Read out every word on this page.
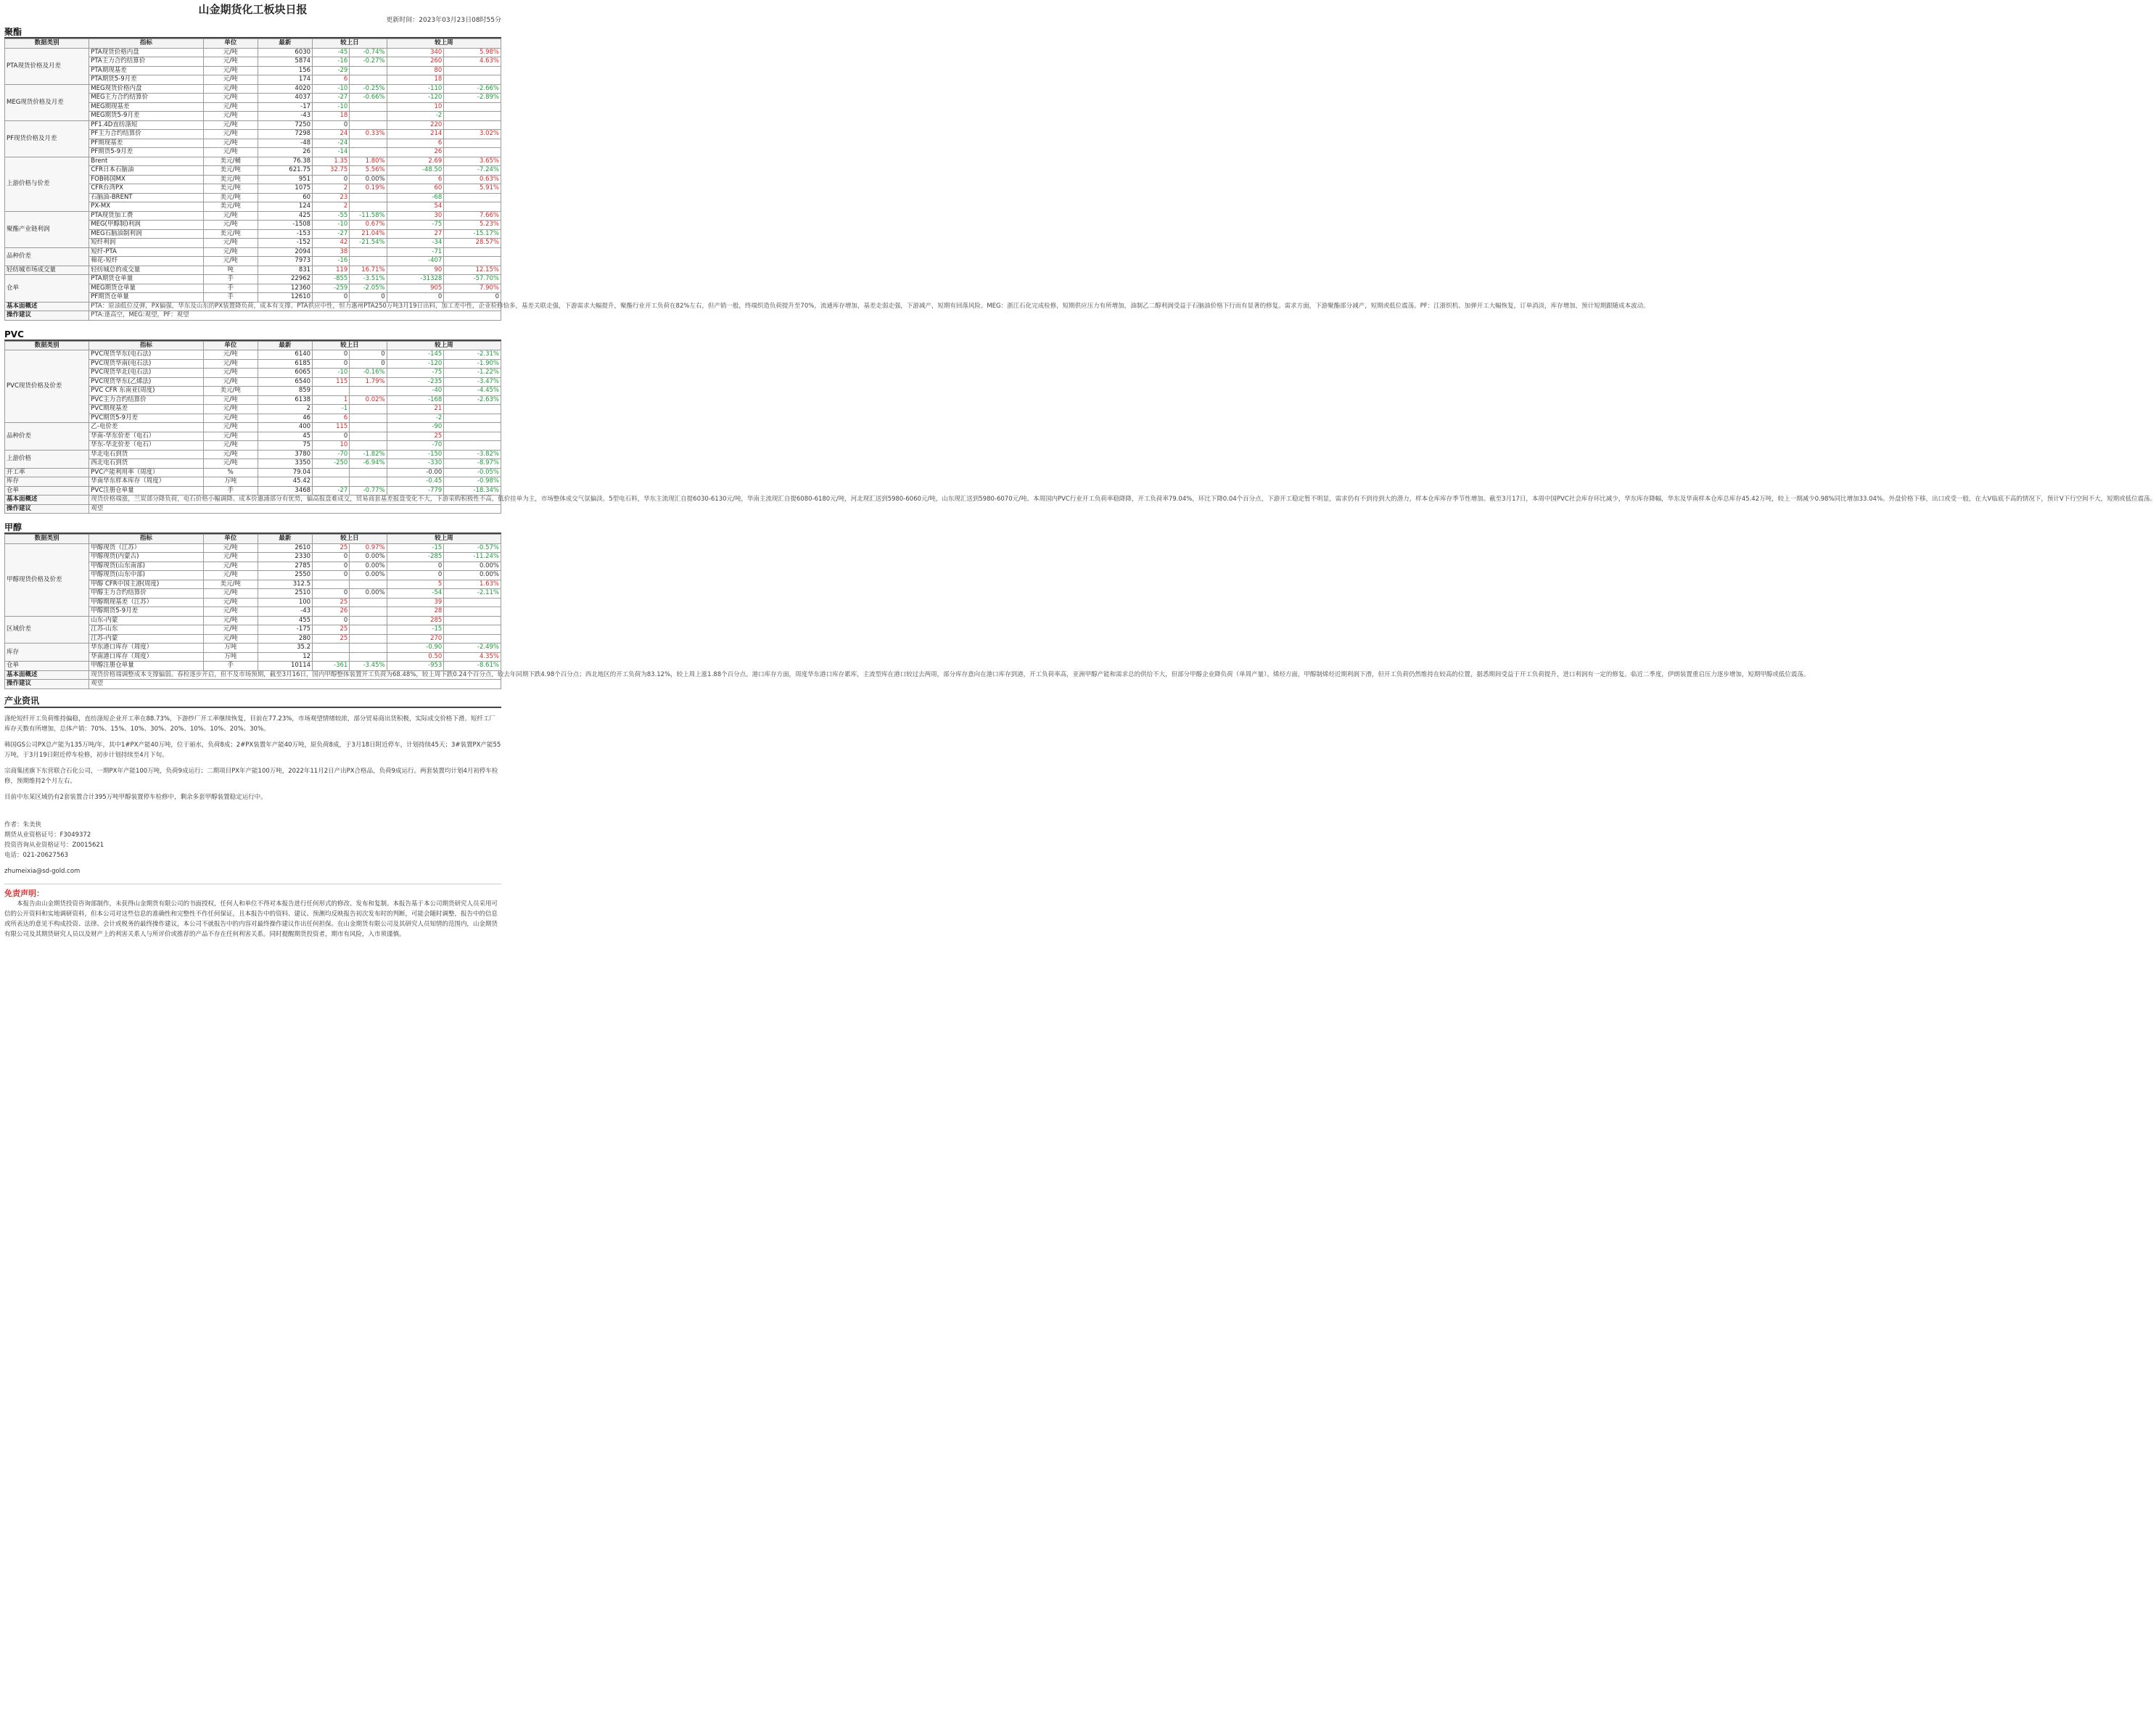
山金期货化工板块日报
更新时间：2023年03月23日08时55分
聚酯
数据类别	指标	单位	最新	较上日		较上周	
PTA现货价格及月差	PTA现货价格内盘	元/吨	6030	-45	-0.74%	340	5.98%
	PTA主力合约结算价	元/吨	5874	-16	-0.27%	260	4.63%
	PTA期现基差	元/吨	156	-29		80	
	PTA期货5-9月差	元/吨	174	6		18	
MEG现货价格及月差	MEG现货价格内盘	元/吨	4020	-10	-0.25%	-110	-2.66%
	MEG主力合约结算价	元/吨	4037	-27	-0.66%	-120	-2.89%
	MEG期现基差	元/吨	-17	-10		10	
	MEG期货5-9月差	元/吨	-43	18		-2	
PF现货价格及月差	PF1.4D直纺涤短	元/吨	7250	0		220	
	PF主力合约结算价	元/吨	7298	24	0.33%	214	3.02%
	PF期现基差	元/吨	-48	-24		6	
	PF期货5-9月差	元/吨	26	-14		26	
上游价格与价差	Brent	美元/桶	76.38	1.35	1.80%	2.69	3.65%
	CFR日本石脑油	美元/吨	621.75	32.75	5.56%	-48.50	-7.24%
	FOB韩国MX	美元/吨	951	0	0.00%	6	0.63%
	CFR台湾PX	美元/吨	1075	2	0.19%	60	5.91%
	石脑油-BRENT	美元/吨	60	23		-68	
	PX-MX	美元/吨	124	2		54	
聚酯产业链利润	PTA现货加工费	元/吨	425	-55	-11.58%	30	7.66%
	MEG(甲醇制)利润	元/吨	-1508	-10	0.67%	-75	5.23%
	MEG石脑油制利润	美元/吨	-153	-27	21.04%	27	-15.17%
	短纤利润	元/吨	-152	42	-21.54%	-34	28.57%
品种价差	短纤-PTA	元/吨	2094	38		-71	
	棉花-短纤	元/吨	7973	-16		-407	
轻纺城市场成交量	轻纺城总的成交量	吨	831	119	16.71%	90	12.15%
仓单	PTA期货仓单量	手	22962	-855	-3.51%	-31328	-57.70%
	MEG期货仓单量	手	12360	-259	-2.05%	905	7.90%
	PF期货仓单量	手	12610	0	0	0	0
基本面概述	PTA：原油低位反弹，PX偏强，华东及山东的PX装置降负荷，成本有支撑。PTA供应中性，恒力惠州PTA250万吨3月19日出料，加工差中性，企业检修恰多，基差关联走强，下游需求大幅提升，聚酯行业开工负荷在82%左右，但产销一般，终端织造负荷提升至70%，流通库存增加，基差走弱走强，下游减产，短期有回落风险。MEG：浙江石化完成检修，短期供应压力有所增加，油制乙二醇利润受益于石脑油价格下行而有显著的修复。需求方面，下游聚酯部分减产，短期或低位震荡。PF：江浙织机、加弹开工大幅恢复，订单消淡，库存增加，预计短期跟随成本波动。						
操作建议	PTA:逢高空，MEG:观望，PF：观望						
PVC
数据类别	指标	单位	最新	较上日		较上周	
PVC现货价格及价差	PVC现货华东(电石法)	元/吨	6140	0	0	-145	-2.31%
	PVC现货华南(电石法)	元/吨	6185	0	0	-120	-1.90%
	PVC现货华北(电石法)	元/吨	6065	-10	-0.16%	-75	-1.22%
	PVC现货华东(乙烯法)	元/吨	6540	115	1.79%	-235	-3.47%
	PVC CFR 东南亚(周度)	美元/吨	859			-40	-4.45%
	PVC主力合约结算价	元/吨	6138	1	0.02%	-168	-2.63%
	PVC期现基差	元/吨	2	-1		21	
	PVC期货5-9月差	元/吨	46	6		-2	
品种价差	乙-电价差	元/吨	400	115		-90	
	华南-华东价差（电石）	元/吨	45	0		25	
	华东-华北价差（电石）	元/吨	75	10		-70	
上游价格	华北电石到货	元/吨	3780	-70	-1.82%	-150	-3.82%
	西北电石到货	元/吨	3350	-250	-6.94%	-330	-8.97%
开工率	PVC产能利用率（周度）	%	79.04			-0.00	-0.05%
库存	华南华东样本库存（周度）	万吨	45.42			-0.45	-0.98%
仓单	PVC注册仓单量	手	3468	-27	-0.77%	-779	-18.34%
基本面概述	现货价格端涨，兰炭部分降负荷，电石价格小幅调降。成本价惠涌部分有优势，偏高报盘难成交，贸易商套基差报盘变化不大，下游采购积极性不高，低价挂单为主，市场整体成交气氛偏淡。5型电石料，华东主流现汇自提6030-6130元/吨，华南主流现汇自提6080-6180元/吨，河北现汇送到5980-6060元/吨，山东现汇送到5980-6070元/吨。本周国内PVC行业开工负荷率稳降降，开工负荷率79.04%，环比下降0.04个百分点，下游开工稳定暂不明显，需求仍有不到待到大的潜力，样本仓库库存季节性增加。截至3月17日，本周中国PVC社会库存环比减少，华东库存降幅，华东及华南样本仓库总库存45.42万吨，较上一期减少0.98%同比增加33.04%。外盘价格下移，出口或受一般，在大V临底不高的情况下，预计V下行空间不大，短期或低位震荡。						
操作建议	观望						
甲醇
数据类别	指标	单位	最新	较上日		较上周	
甲醇现货价格及价差	甲醇现货（江苏）	元/吨	2610	25	0.97%	-15	-0.57%
	甲醇现货(内蒙古)	元/吨	2330	0	0.00%	-285	-11.24%
	甲醇现货(山东南部)	元/吨	2785	0	0.00%	0	0.00%
	甲醇现货(山东中部)	元/吨	2550	0	0.00%	0	0.00%
	甲醇 CFR中国主港(周度)	美元/吨	312.5			5	1.63%
	甲醇主力合约结算价	元/吨	2510	0	0.00%	-54	-2.11%
	甲醇期现基差（江苏）	元/吨	100	25		39	
	甲醇期货5-9月差	元/吨	-43	26		28	
区域价差	山东-内蒙	元/吨	455	0		285	
	江苏-山东	元/吨	-175	25		-15	
	江苏-内蒙	元/吨	280	25		270	
库存	华东港口库存（周度）	万吨	35.2			-0.90	-2.49%
	华南港口库存（周度）	万吨	12			0.50	4.35%
仓单	甲醇注册仓单量	手	10114	-361	-3.45%	-953	-8.61%
基本面概述	现货价格端调整成本支撑偏弱。春检逐步开启，但不及市场预期，截至3月16日，国内甲醇整体装置开工负荷为68.48%，较上周下跌0.24个百分点，较去年同期下跌4.98个百分点；西北地区的开工负荷为83.12%，较上周上涨1.88个百分点。港口库存方面，周度华东港口库存累库，主流型库在港口较过去两周，部分库存意向在港口库存到港，开工负荷率高，亚洲甲醇产能和需求总的供给不大，但部分甲醇企业降负荷（单周产量）。烯烃方面，甲醇制烯烃近期利润下滑，但开工负荷仍然维持在较高的位置，据悉期间受益于开工负荷提升，进口利润有一定的修复。临近二季度，伊朗装置重启压力逐步增加，短期甲醇或低位震荡。						
操作建议	观望						
产业资讯

涤纶短纤开工负荷维持偏稳，直纺涤短企业开工率在88.73%，下游纱厂开工率继续恢复，目前在77.23%，市场观望情绪较浓，部分贸易商出货积极，实际成交价格下滑。短纤工厂库存天数有所增加，总体产销：70%、15%、10%、30%、20%、10%、10%、20%、30%。

韩国GS公司PX总产能为135万吨/年，其中1#PX产能40万吨，位于丽水，负荷8成；2#PX装置年产能40万吨，原负荷8成，于3月18日附近停车，计划持续45天；3#装置PX产能55万吨，于3月19日附近停车检修，初步计划持续至4月下旬。

宗商集团旗下东营联合石化公司，一期PX年产能100万吨，负荷9成运行；二期项目PX年产能100万吨，2022年11月2日产出PX合格品，负荷9成运行。两套装置均计划4月初停车检修，预期维持2个月左右。

目前中东某区域仍有2套装置合计395万吨甲醇装置停车检修中，剩余多套甲醇装置稳定运行中。

作者：朱美侠
期货从业资格证号：F3049372
投资咨询从业资格证号：Z0015621
电话：021-20627563
zhumeixia@sd-gold.com
免责声明：
本报告由山金期货投资咨询部制作，未获得山金期货有限公司的书面授权，任何人和单位不得对本报告进行任何形式的修改、发布和复制。本报告基于本公司期货研究人员采用可信的公开资料和实地调研资料，但本公司对这些信息的准确性和完整性不作任何保证，且本报告中的资料、建议、预测均反映报告初次发布时的判断，可能会随时调整，报告中的信息或所表达的意见不构成投资、法律、会计或税务的最终操作建议，本公司不就报告中的内容对最终操作建议作出任何担保。在山金期货有限公司及其研究人员知情的范围内，山金期货有限公司及其期货研究人员以及财产上的利害关系人与所评价或推荐的产品不存在任何利害关系。同时提醒期货投资者，期市有风险，入市须谨慎。
